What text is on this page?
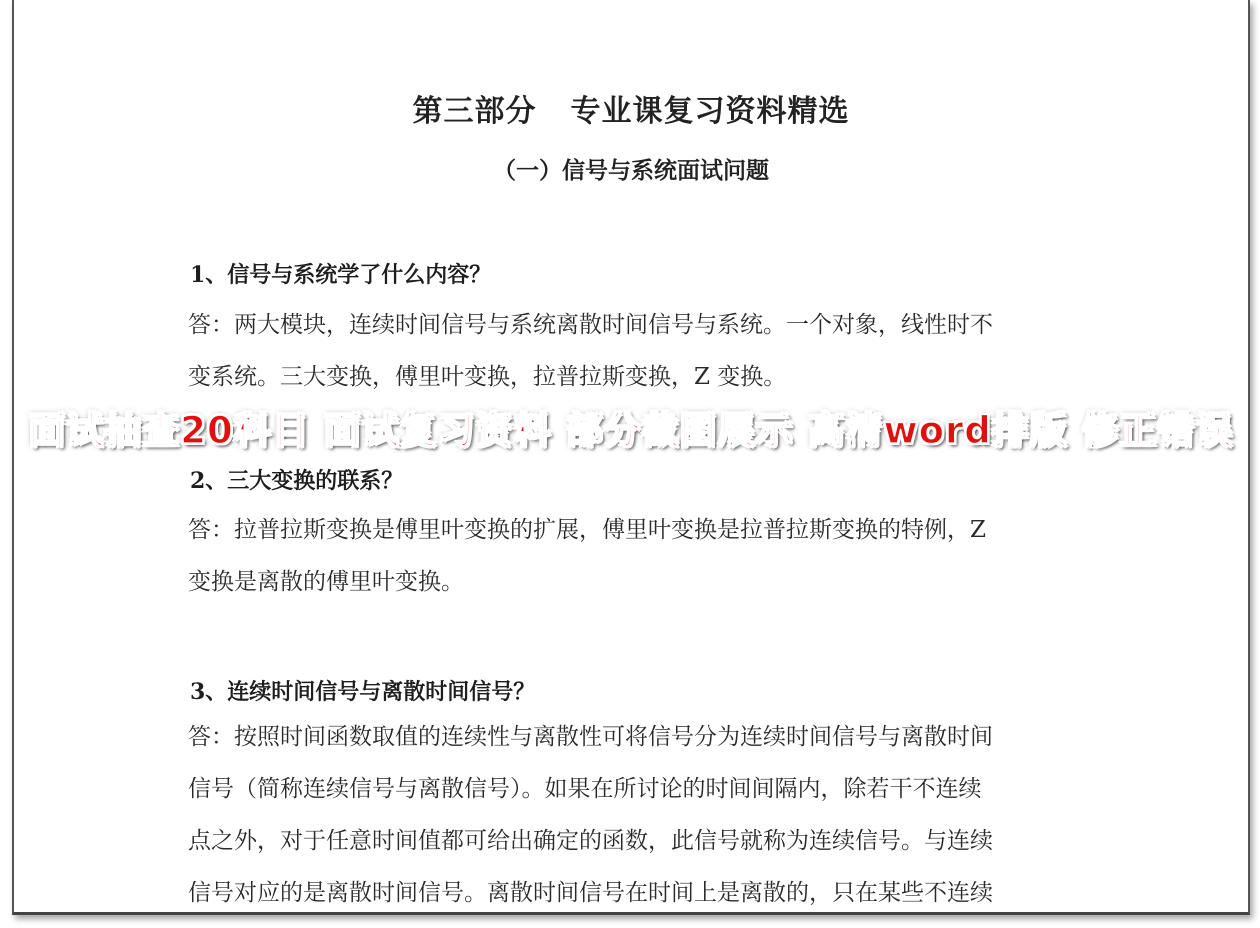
第三部分 专业课复习资料精选
（一）信号与系统面试问题
1、信号与系统学了什么内容？

答：两大模块，连续时间信号与系统离散时间信号与系统。一个对象，线性时不

变系统。三大变换，傅里叶变换，拉普拉斯变换，Z 变换。

2、三大变换的联系？

答：拉普拉斯变换是傅里叶变换的扩展，傅里叶变换是拉普拉斯变换的特例，Z

变换是离散的傅里叶变换。

3、连续时间信号与离散时间信号？

答：按照时间函数取值的连续性与离散性可将信号分为连续时间信号与离散时间

信号（简称连续信号与离散信号）。如果在所讨论的时间间隔内，除若干不连续

点之外，对于任意时间值都可给出确定的函数，此信号就称为连续信号。与连续

信号对应的是离散时间信号。离散时间信号在时间上是离散的，只在某些不连续

面试抽查20科目 面试复习资料 部分截图展示 高清word排版 修正错误
